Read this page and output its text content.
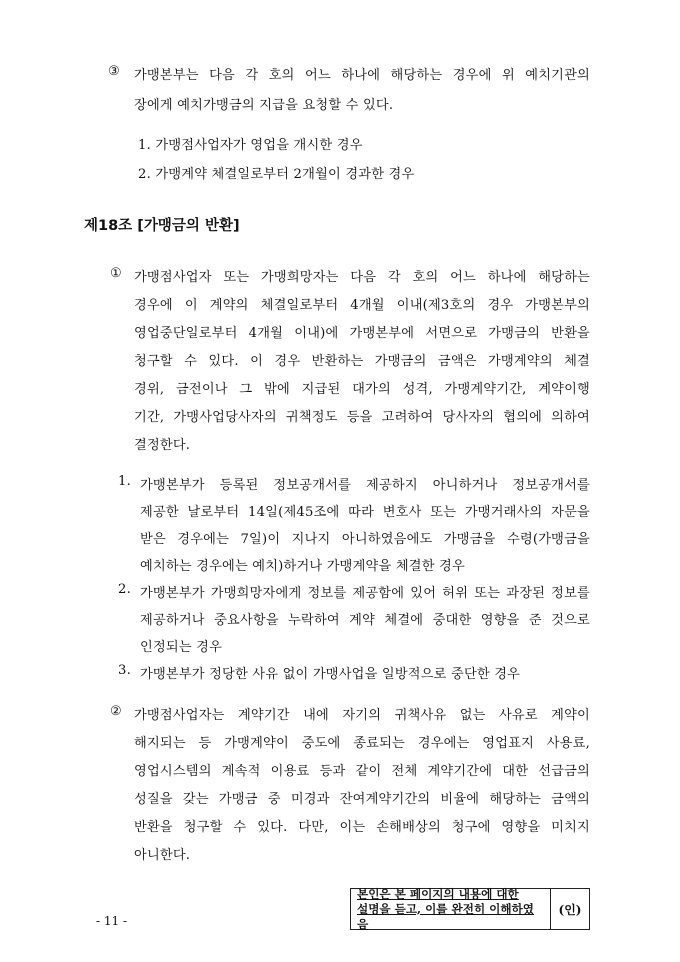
③ 가맹본부는 다음 각 호의 어느 하나에 해당하는 경우에 위 예치기관의
장에게 예치가맹금의 지급을 요청할 수 있다.
1. 가맹점사업자가 영업을 개시한 경우
2. 가맹계약 체결일로부터 2개월이 경과한 경우
제18조 [가맹금의 반환]
① 가맹점사업자 또는 가맹희망자는 다음 각 호의 어느 하나에 해당하는
경우에 이 계약의 체결일로부터 4개월 이내(제3호의 경우 가맹본부의
영업중단일로부터 4개월 이내)에 가맹본부에 서면으로 가맹금의 반환을
청구할 수 있다. 이 경우 반환하는 가맹금의 금액은 가맹계약의 체결
경위, 금전이나 그 밖에 지급된 대가의 성격, 가맹계약기간, 계약이행
기간, 가맹사업당사자의 귀책정도 등을 고려하여 당사자의 협의에 의하여
결정한다.
1. 가맹본부가 등록된 정보공개서를 제공하지 아니하거나 정보공개서를
제공한 날로부터 14일(제45조에 따라 변호사 또는 가맹거래사의 자문을
받은 경우에는 7일)이 지나지 아니하였음에도 가맹금을 수령(가맹금을
예치하는 경우에는 예치)하거나 가맹계약을 체결한 경우
2. 가맹본부가 가맹희망자에게 정보를 제공함에 있어 허위 또는 과장된 정보를
제공하거나 중요사항을 누락하여 계약 체결에 중대한 영향을 준 것으로
인정되는 경우
3. 가맹본부가 정당한 사유 없이 가맹사업을 일방적으로 중단한 경우
② 가맹점사업자는 계약기간 내에 자기의 귀책사유 없는 사유로 계약이
해지되는 등 가맹계약이 중도에 종료되는 경우에는 영업표지 사용료,
영업시스템의 계속적 이용료 등과 같이 전체 계약기간에 대한 선급금의
성질을 갖는 가맹금 중 미경과 잔여계약기간의 비율에 해당하는 금액의
반환을 청구할 수 있다. 다만, 이는 손해배상의 청구에 영향을 미치지
아니한다.
- 11 -
본인은 본 페이지의 내용에 대한
설명을 듣고, 이를 완전히 이해하였음
(인)
